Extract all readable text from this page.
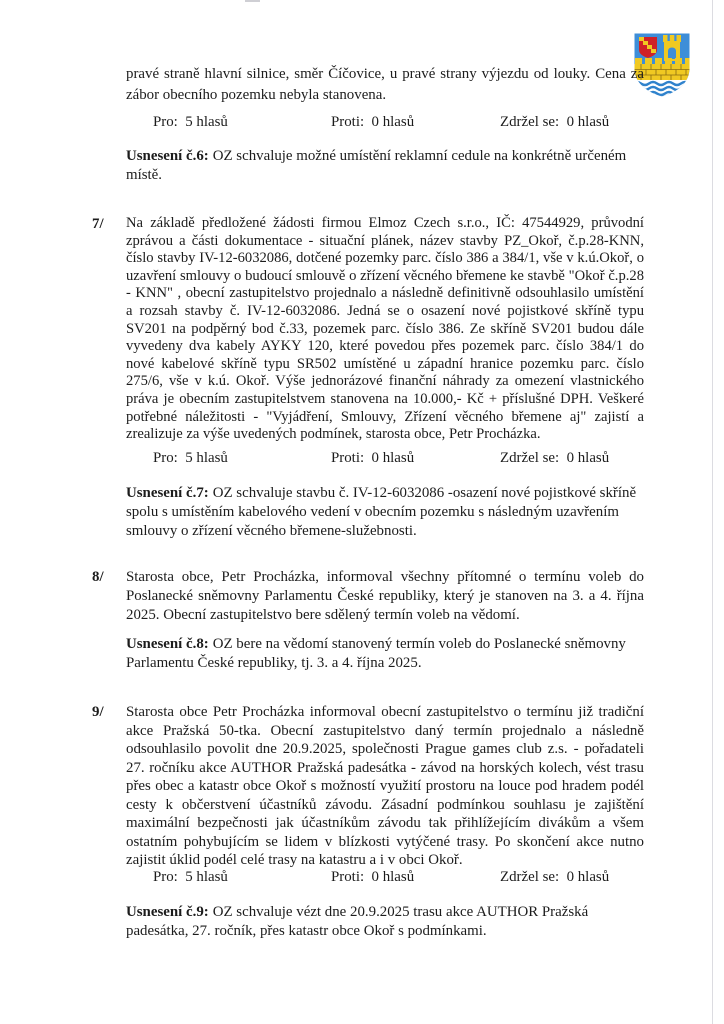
pravé straně hlavní silnice, směr Číčovice, u pravé strany výjezdu od louky. Cena za zábor obecního pozemku nebyla stanovena.

Pro:  5 hlasů	Proti:  0 hlasů	Zdržel se:  0 hlasů

Usnesení č.6: OZ schvaluje možné umístění reklamní cedule na konkrétně určeném místě.

7/ Na základě předložené žádosti firmou Elmoz Czech s.r.o., IČ: 47544929, průvodní zprávou a části dokumentace - situační plánek, název stavby PZ_Okoř, č.p.28-KNN, číslo stavby IV-12-6032086, dotčené pozemky parc. číslo 386 a 384/1, vše v k.ú.Okoř, o uzavření smlouvy o budoucí smlouvě o zřízení věcného břemene ke stavbě "Okoř č.p.28 - KNN" , obecní zastupitelstvo projednalo a následně definitivně odsouhlasilo umístění a rozsah stavby č. IV-12-6032086. Jedná se o osazení nové pojistkové skříně typu SV201 na podpěrný bod č.33, pozemek parc. číslo 386. Ze skříně SV201 budou dále vyvedeny dva kabely AYKY 120, které povedou přes pozemek parc. číslo 384/1 do nové kabelové skříně typu SR502 umístěné u západní hranice pozemku parc. číslo 275/6, vše v k.ú. Okoř. Výše jednorázové finanční náhrady za omezení vlastnického práva je obecním zastupitelstvem stanovena na 10.000,- Kč + příslušné DPH. Veškeré potřebné náležitosti - "Vyjádření, Smlouvy, Zřízení věcného břemene aj" zajistí a zrealizuje za výše uvedených podmínek, starosta obce, Petr Procházka.

Pro:  5 hlasů	Proti:  0 hlasů	Zdržel se:  0 hlasů

Usnesení č.7: OZ schvaluje stavbu č. IV-12-6032086 -osazení nové pojistkové skříně spolu s umístěním kabelového vedení v obecním pozemku s následným uzavřením smlouvy o zřízení věcného břemene-služebnosti.

8/ Starosta obce, Petr Procházka, informoval všechny přítomné o termínu voleb do Poslanecké sněmovny Parlamentu České republiky, který je stanoven na 3. a 4. října 2025. Obecní zastupitelstvo bere sdělený termín voleb na vědomí.

Usnesení č.8: OZ bere na vědomí stanovený termín voleb do Poslanecké sněmovny Parlamentu České republiky, tj. 3. a 4. října 2025.

9/ Starosta obce Petr Procházka informoval obecní zastupitelstvo o termínu již tradiční akce Pražská 50-tka. Obecní zastupitelstvo daný termín projednalo a následně odsouhlasilo povolit dne 20.9.2025, společnosti Prague games club z.s. - pořadateli 27. ročníku akce AUTHOR Pražská padesátka - závod na horských kolech, vést trasu přes obec a katastr obce Okoř s možností využití prostoru na louce pod hradem podél cesty k občerstvení účastníků závodu. Zásadní podmínkou souhlasu je zajištění maximální bezpečnosti jak účastníkům závodu tak přihlížejícím divákům a všem ostatním pohybujícím se lidem v blízkosti vytýčené trasy. Po skončení akce nutno zajistit úklid podél celé trasy na katastru a i v obci Okoř.

Pro:  5 hlasů	Proti:  0 hlasů	Zdržel se:  0 hlasů

Usnesení č.9: OZ schvaluje vézt dne 20.9.2025 trasu akce AUTHOR Pražská padesátka, 27. ročník, přes katastr obce Okoř s podmínkami.
